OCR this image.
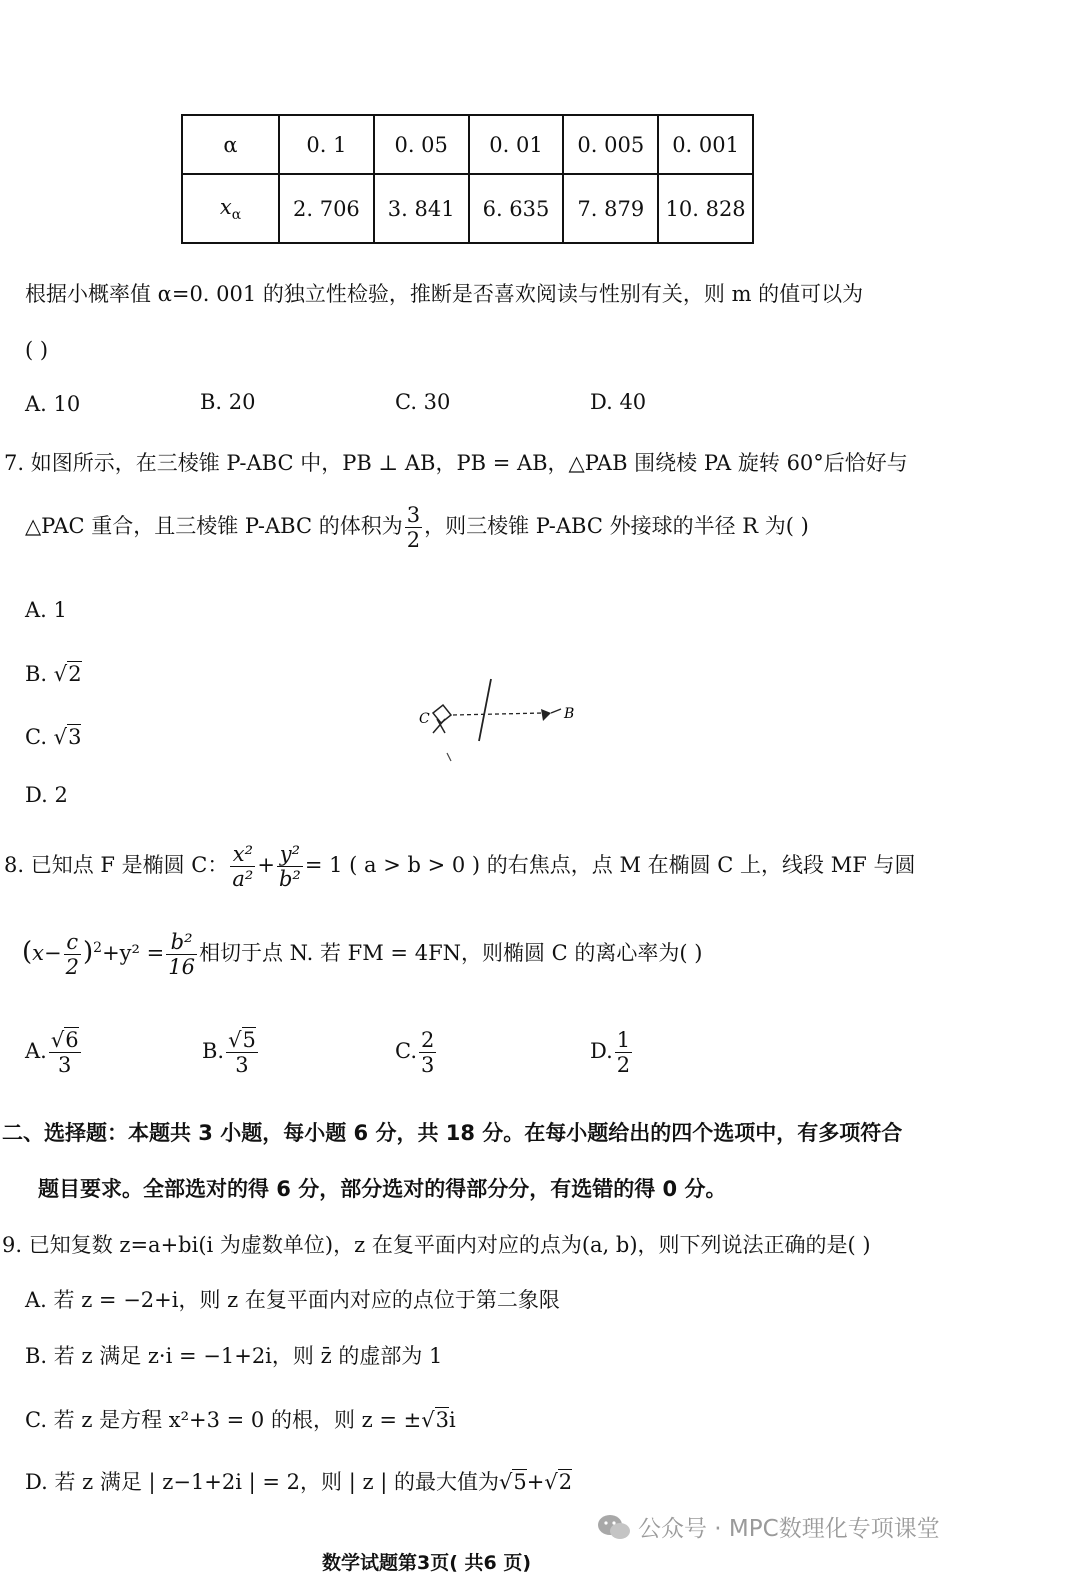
α	0. 1	0. 05	0. 01	0. 005	0. 001
$x_\alpha$	2. 706	3. 841	6. 635	7. 879	10. 828
根据小概率值 α=0. 001 的独立性检验，推断是否喜欢阅读与性别有关，则 m 的值可以为
( )
A. 10	B. 20	C. 30	D. 40
7. 如图所示，在三棱锥 P-ABC 中，PB ⊥ AB，PB = AB，△PAB 围绕棱 PA 旋转 60°后恰好与
△PAC 重合，且三棱锥 P-ABC 的体积为 $\frac{3}{2}$ ，则三棱锥 P-ABC 外接球的半径 R 为( )
A. 1
B. √2
C. √3
D. 2
C	B
8. 已知点 F 是椭圆 C： $\frac{\text{x²}}{\text{a²}} + \frac{\text{y²}}{\text{b²}} = 1$ ( a > b > 0 ) 的右焦点，点 M 在椭圆 C 上，线段 MF 与圆
$(x- \frac{c}{2} )^2+y^2 = \frac{\text{b²}}{16}$ 相切于点 N. 若 FM = 4FN，则椭圆 C 的离心率为( )
A. $\frac{√6}{3}$	B. $\frac{√5}{3}$	C. $\frac{2}{3}$	D. $\frac{1}{2}$
二、选择题：本题共 3 小题，每小题 6 分，共 18 分。在每小题给出的四个选项中，有多项符合
题目要求。全部选对的得 6 分，部分选对的得部分分，有选错的得 0 分。
9. 已知复数 z=a+bi(i 为虚数单位)，z 在复平面内对应的点为(a, b)，则下列说法正确的是( )
A. 若 z = −2+i，则 z 在复平面内对应的点位于第二象限
B. 若 z 满足 z·i = −1+2i，则 z̄ 的虚部为 1
C. 若 z 是方程 x²+3 = 0 的根，则 z = ±√3i
D. 若 z 满足 | z−1+2i | = 2，则 | z | 的最大值为√5+√2
数学试题第3页( 共6 页)
公众号 · MPC数理化专项课堂
